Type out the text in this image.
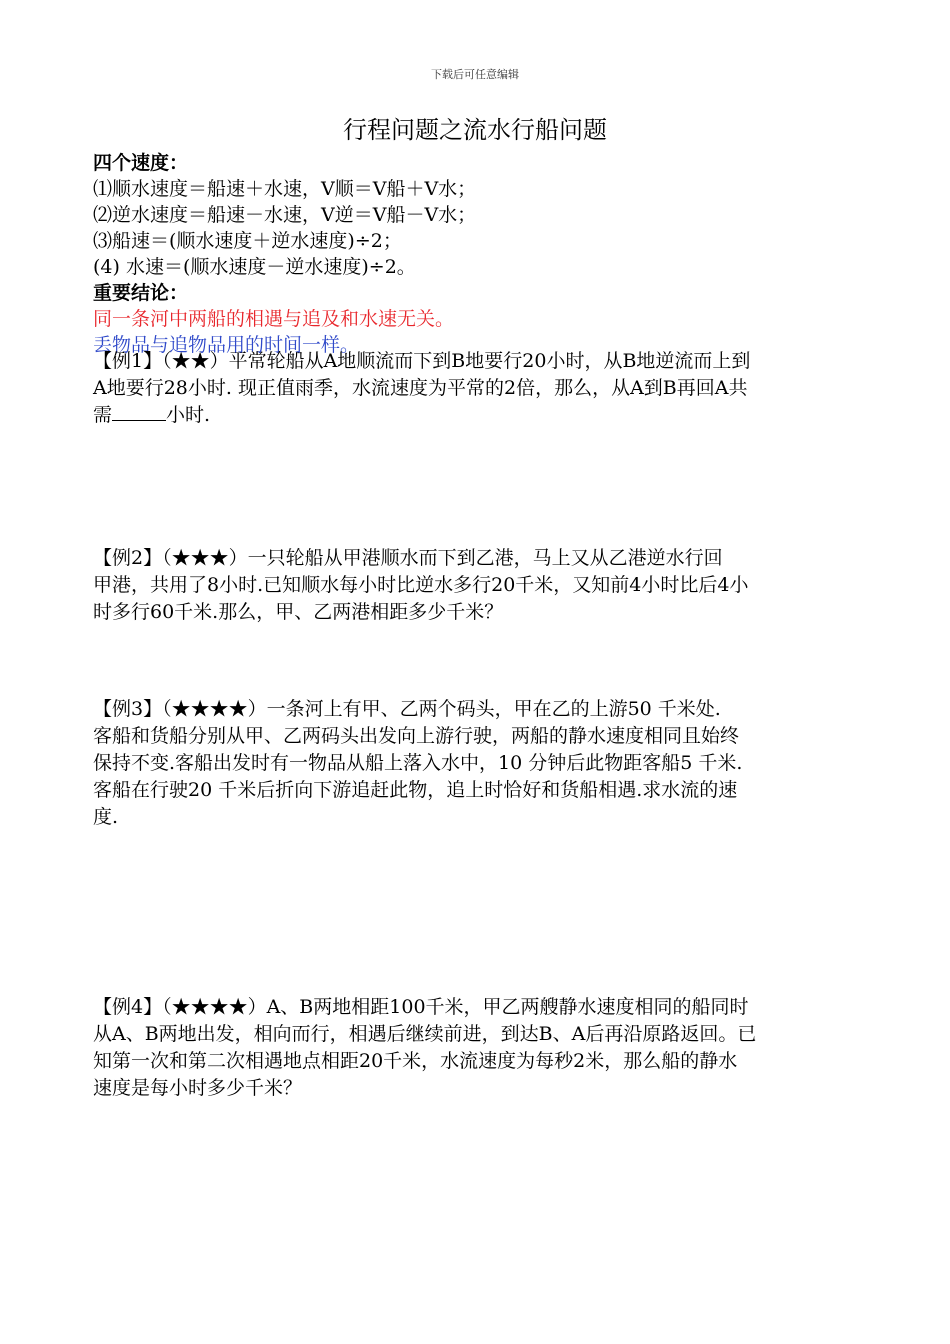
下载后可任意编辑
行程问题之流水行船问题
四个速度：
⑴顺水速度＝船速＋水速，V顺＝V船＋V水；
⑵逆水速度＝船速－水速，V逆＝V船－V水；
⑶船速＝(顺水速度＋逆水速度)÷2；
(4) 水速＝(顺水速度－逆水速度)÷2。
重要结论：
同一条河中两船的相遇与追及和水速无关。
丢物品与追物品用的时间一样。
【例1】（★★）平常轮船从A地顺流而下到B地要行20小时，从B地逆流而上到
A地要行28小时. 现正值雨季，水流速度为平常的2倍，那么，从A到B再回A共
需	小时.
【例2】（★★★）一只轮船从甲港顺水而下到乙港，马上又从乙港逆水行回
甲港，共用了8小时.已知顺水每小时比逆水多行20千米，又知前4小时比后4小
时多行60千米.那么，甲、乙两港相距多少千米？
【例3】（★★★★）一条河上有甲、乙两个码头，甲在乙的上游50 千米处.
客船和货船分别从甲、乙两码头出发向上游行驶，两船的静水速度相同且始终
保持不变.客船出发时有一物品从船上落入水中，10 分钟后此物距客船5 千米.
客船在行驶20 千米后折向下游追赶此物，追上时恰好和货船相遇.求水流的速
度.
【例4】（★★★★）A、B两地相距100千米，甲乙两艘静水速度相同的船同时
从A、B两地出发，相向而行，相遇后继续前进，到达B、A后再沿原路返回。已
知第一次和第二次相遇地点相距20千米，水流速度为每秒2米，那么船的静水
速度是每小时多少千米？
